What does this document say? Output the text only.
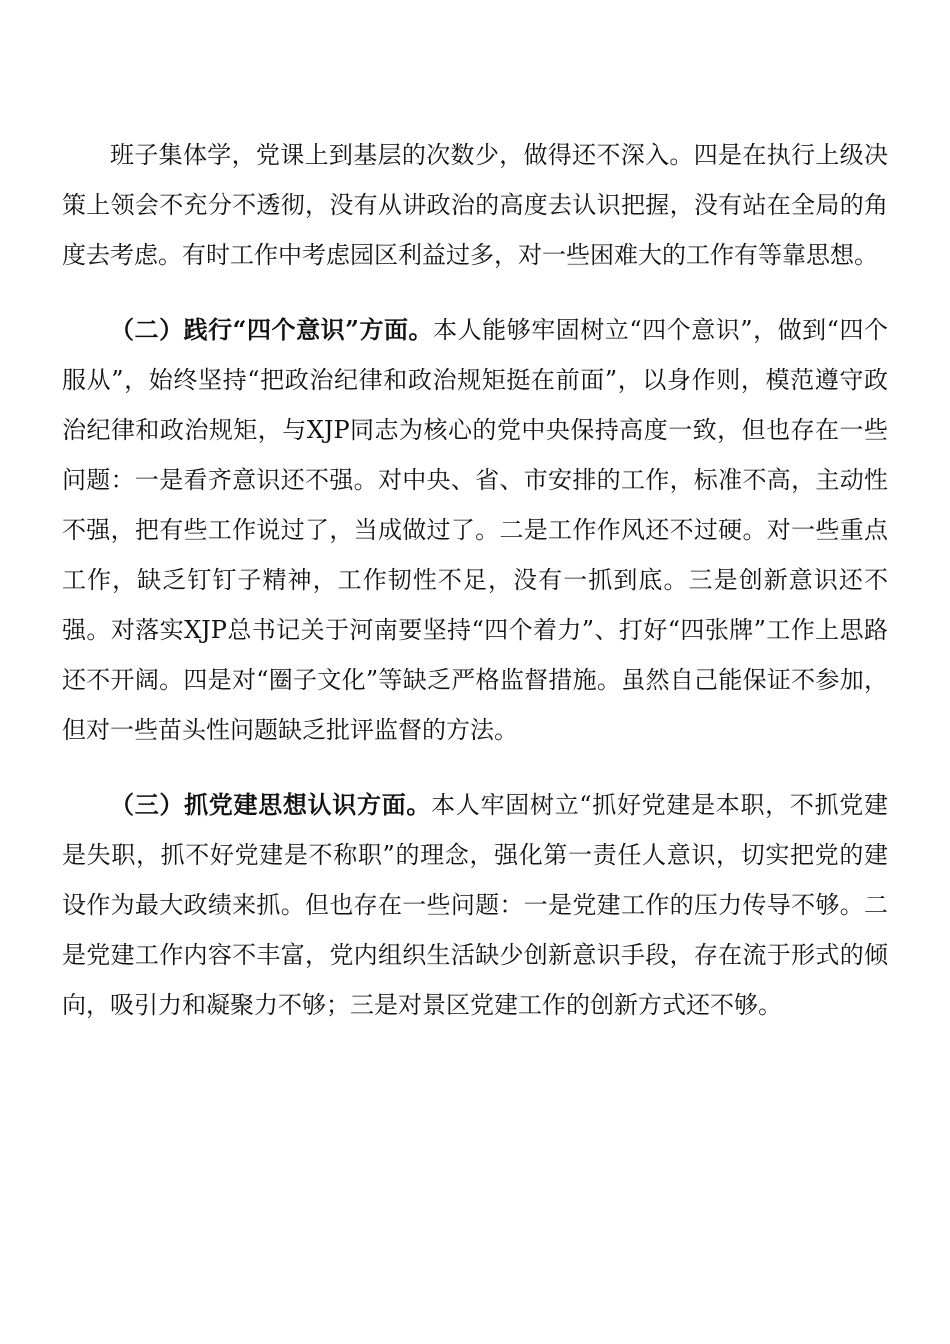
班子集体学，党课上到基层的次数少，做得还不深入。四是在执行上级决策上领会不充分不透彻，没有从讲政治的高度去认识把握，没有站在全局的角度去考虑。有时工作中考虑园区利益过多，对一些困难大的工作有等靠思想。

（二）践行“四个意识”方面。本人能够牢固树立“四个意识”，做到“四个服从”，始终坚持“把政治纪律和政治规矩挺在前面”，以身作则，模范遵守政治纪律和政治规矩，与XJP同志为核心的党中央保持高度一致，但也存在一些问题：一是看齐意识还不强。对中央、省、市安排的工作，标准不高，主动性不强，把有些工作说过了，当成做过了。二是工作作风还不过硬。对一些重点工作，缺乏钉钉子精神，工作韧性不足，没有一抓到底。三是创新意识还不强。对落实XJP总书记关于河南要坚持“四个着力”、打好“四张牌”工作上思路还不开阔。四是对“圈子文化”等缺乏严格监督措施。虽然自己能保证不参加，但对一些苗头性问题缺乏批评监督的方法。

（三）抓党建思想认识方面。本人牢固树立“抓好党建是本职，不抓党建是失职，抓不好党建是不称职”的理念，强化第一责任人意识，切实把党的建设作为最大政绩来抓。但也存在一些问题：一是党建工作的压力传导不够。二是党建工作内容不丰富，党内组织生活缺少创新意识手段，存在流于形式的倾向，吸引力和凝聚力不够；三是对景区党建工作的创新方式还不够。
